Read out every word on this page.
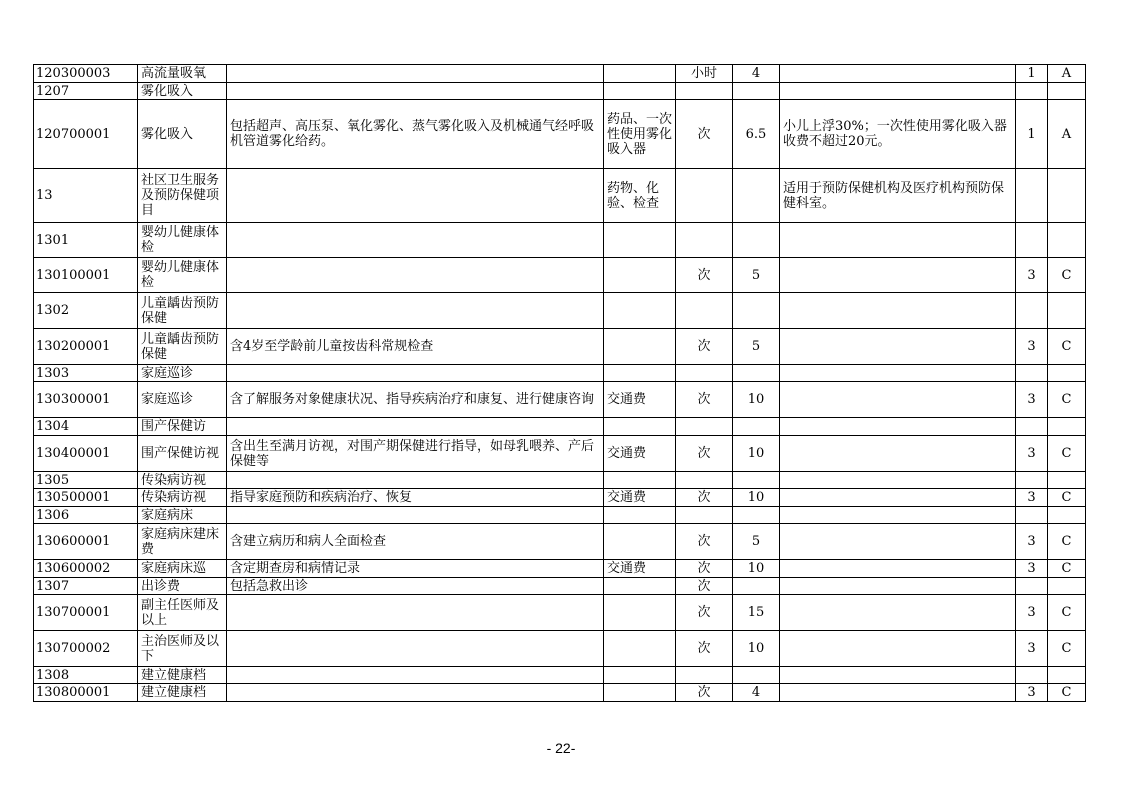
120300003	高流量吸氧			小时	4		1	A
1207	雾化吸入							
120700001	雾化吸入	包括超声、高压泵、氧化雾化、蒸气雾化吸入及机械通气经呼吸机管道雾化给药。	药品、一次性使用雾化吸入器	次	6.5	小儿上浮30%；一次性使用雾化吸入器收费不超过20元。	1	A
13	社区卫生服务及预防保健项目		药物、化验、检查			适用于预防保健机构及医疗机构预防保健科室。		
1301	婴幼儿健康体检							
130100001	婴幼儿健康体检			次	5		3	C
1302	儿童龋齿预防保健							
130200001	儿童龋齿预防保健	含4岁至学龄前儿童按齿科常规检查		次	5		3	C
1303	家庭巡诊							
130300001	家庭巡诊	含了解服务对象健康状况、指导疾病治疗和康复、进行健康咨询	交通费	次	10		3	C
1304	围产保健访							
130400001	围产保健访视	含出生至满月访视，对围产期保健进行指导，如母乳喂养、产后保健等	交通费	次	10		3	C
1305	传染病访视							
130500001	传染病访视	指导家庭预防和疾病治疗、恢复	交通费	次	10		3	C
1306	家庭病床							
130600001	家庭病床建床费	含建立病历和病人全面检查		次	5		3	C
130600002	家庭病床巡	含定期查房和病情记录	交通费	次	10		3	C
1307	出诊费	包括急救出诊		次				
130700001	副主任医师及以上			次	15		3	C
130700002	主治医师及以下			次	10		3	C
1308	建立健康档							
130800001	建立健康档			次	4		3	C
- 22-
